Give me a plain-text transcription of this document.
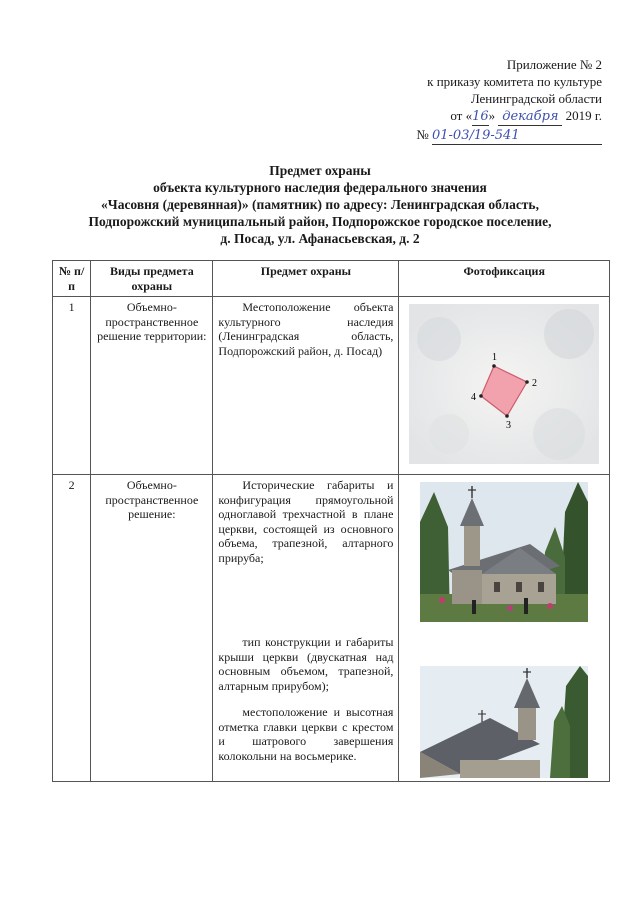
Приложение № 2
к приказу комитета по культуре
Ленинградской области
от «16» декабря 2019 г.
№ 01-03/19-541
Предмет охраны
объекта культурного наследия федерального значения
«Часовня (деревянная)» (памятник) по адресу: Ленинградская область,
Подпорожский муниципальный район, Подпорожское городское поселение,
д. Посад, ул. Афанасьевская, д. 2
№ п/п	Виды предмета охраны	Предмет охраны	Фотофиксация
1	Объемно-пространственное решение территории:	Местоположение объекта культурного наследия (Ленинградская область, Подпорожский район, д. Посад)	1
2
3
4

2	Объемно-пространственное решение:	Исторические габариты и конфигурация прямоугольной одноглавой трехчастной в плане церкви, состоящей из основного объема, трапезной, алтарного прируба;
тип конструкции и габариты крыши церкви (двускатная над основным объемом, трапезной, алтарным прирубом);
местоположение и высотная отметка главки церкви с крестом и шатрового завершения колокольни на восьмерике.
